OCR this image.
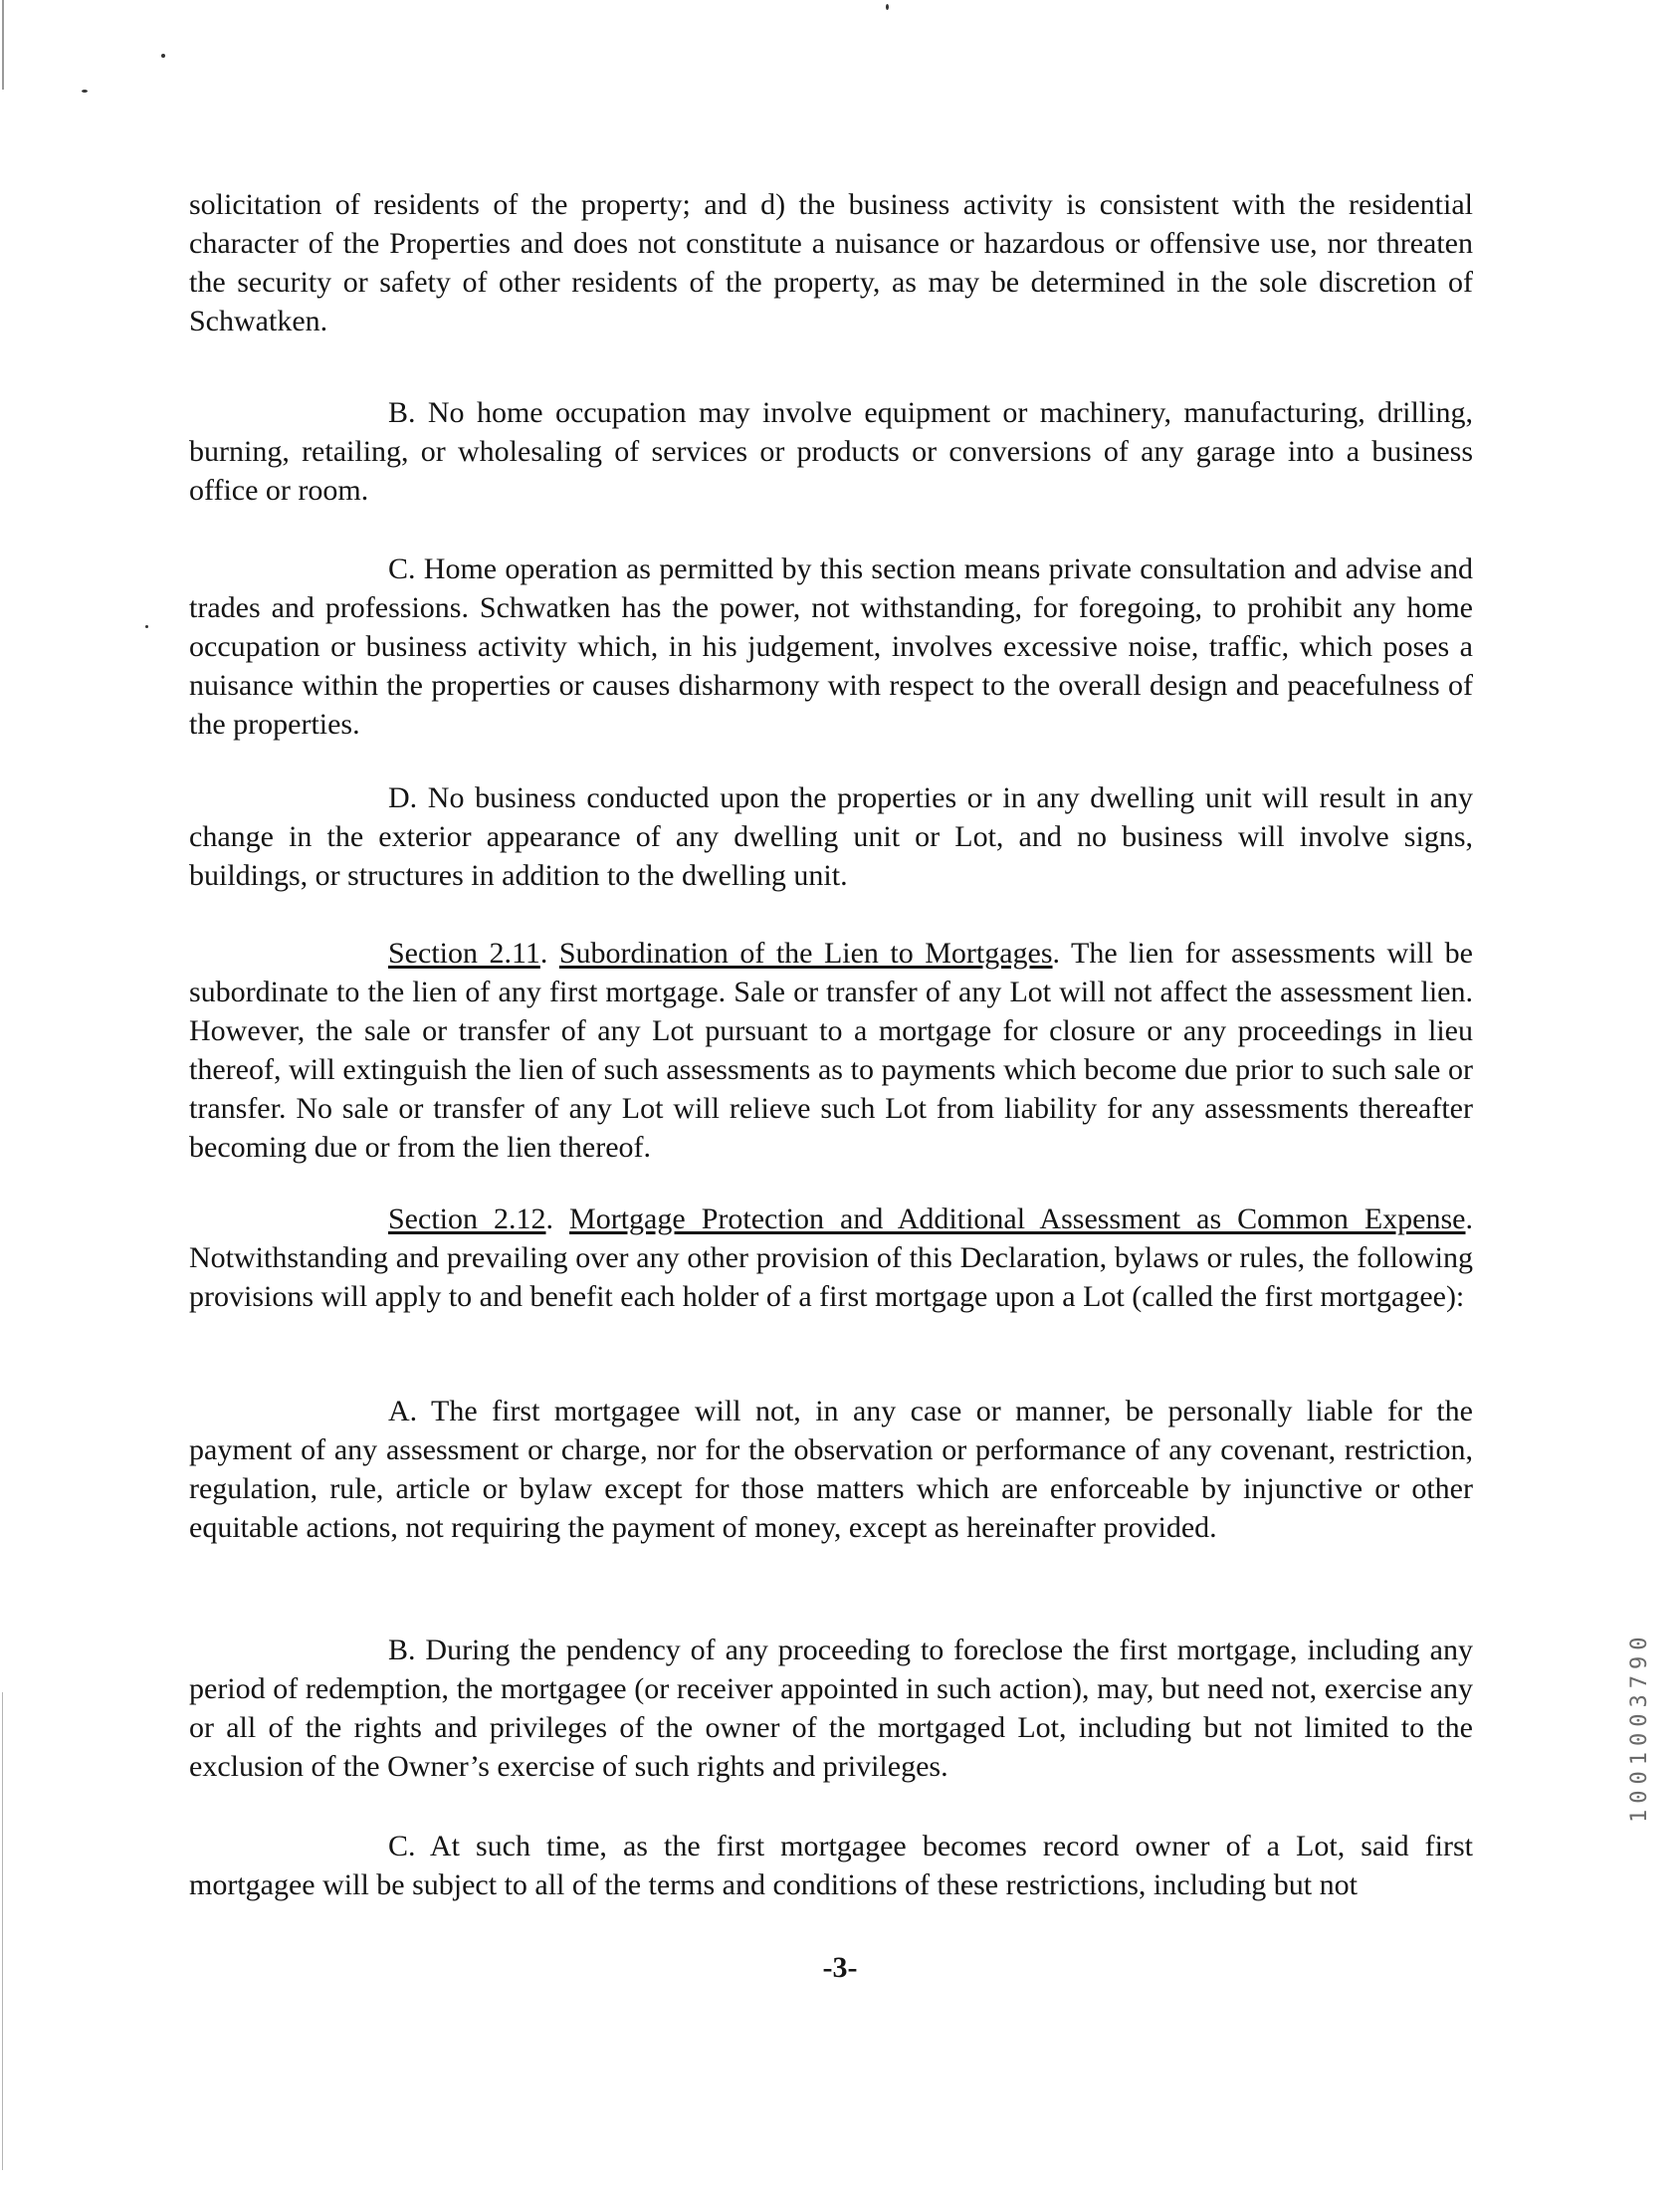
solicitation of residents of the property; and d) the business activity is consistent with the residential character of the Properties and does not constitute a nuisance or hazardous or offensive use, nor threaten the security or safety of other residents of the property, as may be determined in the sole discretion of Schwatken.

B. No home occupation may involve equipment or machinery, manufacturing, drilling, burning, retailing, or wholesaling of services or products or conversions of any garage into a business office or room.

C. Home operation as permitted by this section means private consultation and advise and trades and professions. Schwatken has the power, not withstanding, for foregoing, to prohibit any home occupation or business activity which, in his judgement, involves excessive noise, traffic, which poses a nuisance within the properties or causes disharmony with respect to the overall design and peacefulness of the properties.

D. No business conducted upon the properties or in any dwelling unit will result in any change in the exterior appearance of any dwelling unit or Lot, and no business will involve signs, buildings, or structures in addition to the dwelling unit.

Section 2.11. Subordination of the Lien to Mortgages. The lien for assessments will be subordinate to the lien of any first mortgage. Sale or transfer of any Lot will not affect the assessment lien. However, the sale or transfer of any Lot pursuant to a mortgage for closure or any proceedings in lieu thereof, will extinguish the lien of such assessments as to payments which become due prior to such sale or transfer. No sale or transfer of any Lot will relieve such Lot from liability for any assessments thereafter becoming due or from the lien thereof.

Section 2.12. Mortgage Protection and Additional Assessment as Common Expense. Notwithstanding and prevailing over any other provision of this Declaration, bylaws or rules, the following provisions will apply to and benefit each holder of a first mortgage upon a Lot (called the first mortgagee):

A. The first mortgagee will not, in any case or manner, be personally liable for the payment of any assessment or charge, nor for the observation or performance of any covenant, restriction, regulation, rule, article or bylaw except for those matters which are enforceable by injunctive or other equitable actions, not requiring the payment of money, except as hereinafter provided.

B. During the pendency of any proceeding to foreclose the first mortgage, including any period of redemption, the mortgagee (or receiver appointed in such action), may, but need not, exercise any or all of the rights and privileges of the owner of the mortgaged Lot, including but not limited to the exclusion of the Owner’s exercise of such rights and privileges.

C. At such time, as the first mortgagee becomes record owner of a Lot, said first mortgagee will be subject to all of the terms and conditions of these restrictions, including but not

-3-
1001003790
